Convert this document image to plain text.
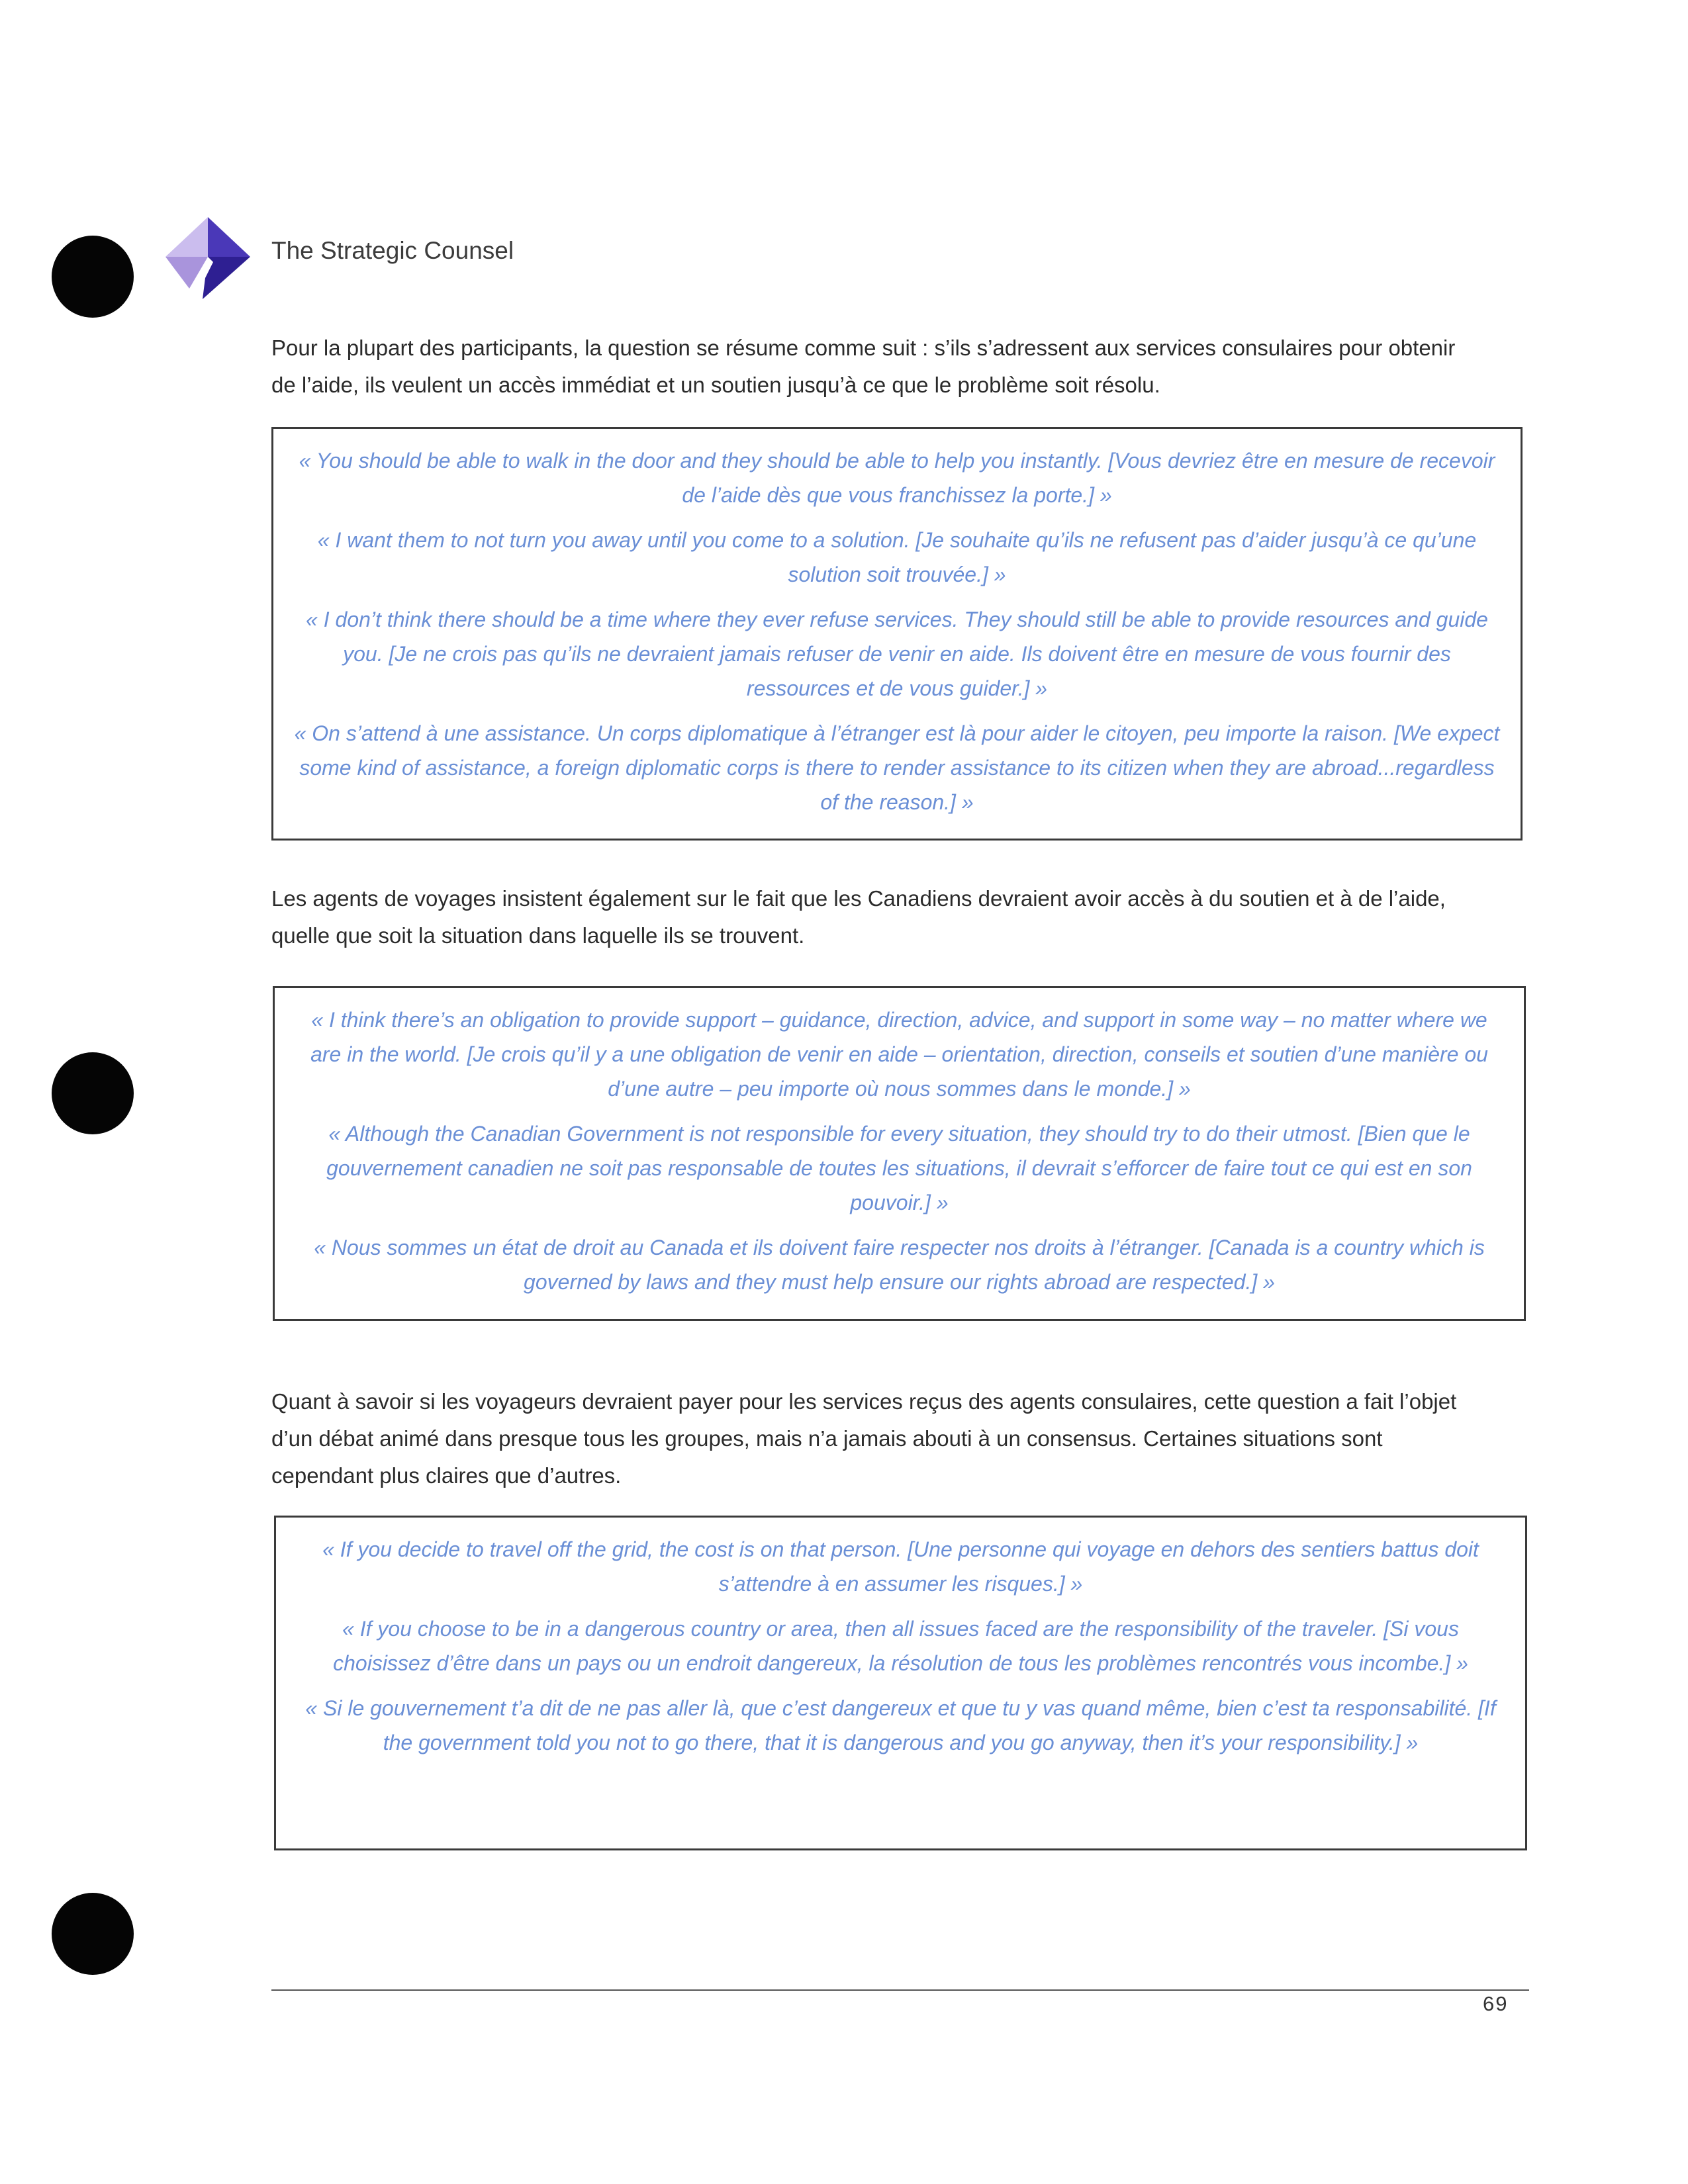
The Strategic Counsel

Pour la plupart des participants, la question se résume comme suit : s’ils s’adressent aux services consulaires pour obtenir de l’aide, ils veulent un accès immédiat et un soutien jusqu’à ce que le problème soit résolu.

« You should be able to walk in the door and they should be able to help you instantly. [Vous devriez être en mesure de recevoir de l’aide dès que vous franchissez la porte.] »

« I want them to not turn you away until you come to a solution. [Je souhaite qu’ils ne refusent pas d’aider jusqu’à ce qu’une solution soit trouvée.] »

« I don’t think there should be a time where they ever refuse services. They should still be able to provide resources and guide you. [Je ne crois pas qu’ils ne devraient jamais refuser de venir en aide. Ils doivent être en mesure de vous fournir des ressources et de vous guider.] »

« On s’attend à une assistance. Un corps diplomatique à l’étranger est là pour aider le citoyen, peu importe la raison. [We expect some kind of assistance, a foreign diplomatic corps is there to render assistance to its citizen when they are abroad...regardless of the reason.] »

Les agents de voyages insistent également sur le fait que les Canadiens devraient avoir accès à du soutien et à de l’aide, quelle que soit la situation dans laquelle ils se trouvent.

« I think there’s an obligation to provide support – guidance, direction, advice, and support in some way – no matter where we are in the world. [Je crois qu’il y a une obligation de venir en aide – orientation, direction, conseils et soutien d’une manière ou d’une autre – peu importe où nous sommes dans le monde.] »

« Although the Canadian Government is not responsible for every situation, they should try to do their utmost. [Bien que le gouvernement canadien ne soit pas responsable de toutes les situations, il devrait s’efforcer de faire tout ce qui est en son pouvoir.] »

« Nous sommes un état de droit au Canada et ils doivent faire respecter nos droits à l’étranger. [Canada is a country which is governed by laws and they must help ensure our rights abroad are respected.] »

Quant à savoir si les voyageurs devraient payer pour les services reçus des agents consulaires, cette question a fait l’objet d’un débat animé dans presque tous les groupes, mais n’a jamais abouti à un consensus. Certaines situations sont cependant plus claires que d’autres.

« If you decide to travel off the grid, the cost is on that person. [Une personne qui voyage en dehors des sentiers battus doit s’attendre à en assumer les risques.] »

« If you choose to be in a dangerous country or area, then all issues faced are the responsibility of the traveler. [Si vous choisissez d’être dans un pays ou un endroit dangereux, la résolution de tous les problèmes rencontrés vous incombe.] »

« Si le gouvernement t’a dit de ne pas aller là, que c’est dangereux et que tu y vas quand même, bien c’est ta responsabilité. [If the government told you not to go there, that it is dangerous and you go anyway, then it’s your responsibility.] »

69
